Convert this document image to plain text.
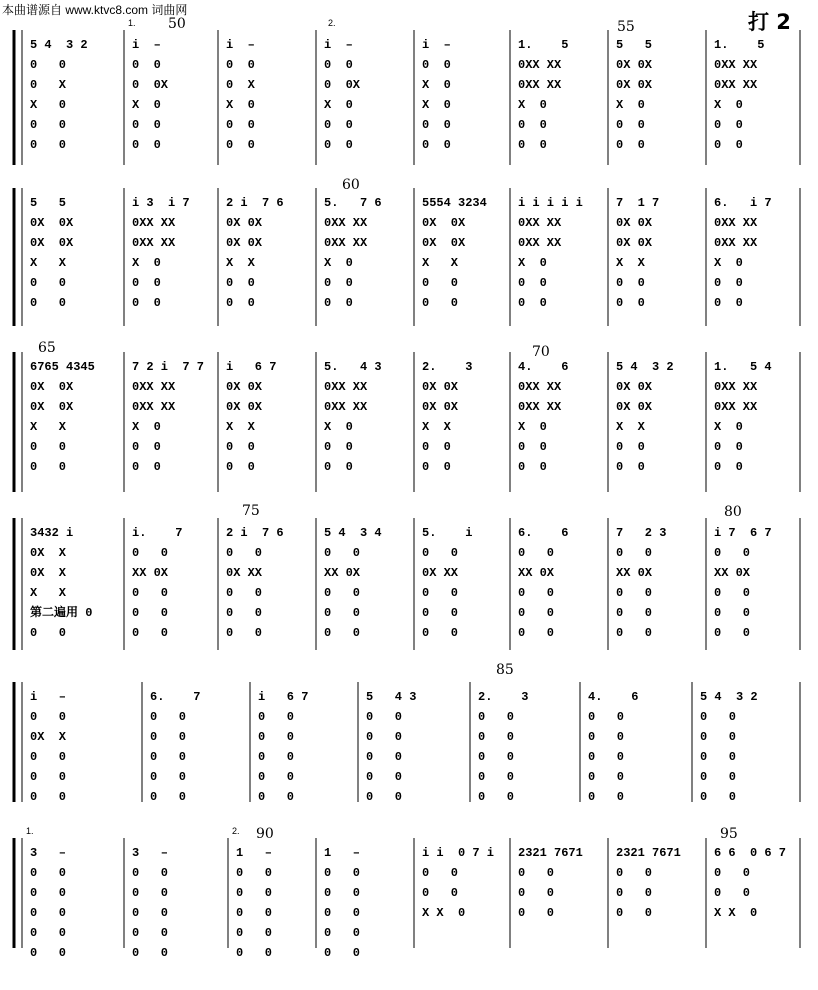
本曲谱源自 www.ktvc8.com 词曲网	打 2
5 4  3 2	i  –	i  –	i  –	i  –	1.    5	5   5	1.    5
0   0	0  0	0  0	0  0	0  0	0XX XX	0X 0X	0XX XX
0   X	0  0X	0  X	0  0X	X  0	0XX XX	0X 0X	0XX XX
X   0	X  0	X  0	X  0	X  0	X  0	X  0	X  0
0   0	0  0	0  0	0  0	0  0	0  0	0  0	0  0
0   0	0  0	0  0	0  0	0  0	0  0	0  0	0  0
5   5	i 3  i 7	2 i  7 6	5.   7 6	5554 3234	i i i i i	7  1 7	6.   i 7
0X  0X	0XX XX	0X 0X	0XX XX	0X  0X	0XX XX	0X 0X	0XX XX
0X  0X	0XX XX	0X 0X	0XX XX	0X  0X	0XX XX	0X 0X	0XX XX
X   X	X  0	X  X	X  0	X   X	X  0	X  X	X  0
0   0	0  0	0  0	0  0	0   0	0  0	0  0	0  0
0   0	0  0	0  0	0  0	0   0	0  0	0  0	0  0
6765 4345	7 2 i  7 7 i   6 7	5.   4 3	2.    3	4.    6	5 4  3 2	1.   5 4
0X  0X	0XX XX	0X 0X	0XX XX	0X 0X	0XX XX	0X 0X	0XX XX
0X  0X	0XX XX	0X 0X	0XX XX	0X 0X	0XX XX	0X 0X	0XX XX
X   X	X  0	X  X	X  0	X  X	X  0	X  X	X  0
0   0	0  0	0  0	0  0	0  0	0  0	0  0	0  0
0   0	0  0	0  0	0  0	0  0	0  0	0  0	0  0
3432 i	i.    7	2 i  7 6	5 4  3 4	5.    i	6.    6	7   2 3	i 7  6 7
0X  X	0   0	0   0	0   0	0   0	0   0	0   0	0   0
0X  X	XX 0X	0X XX	XX 0X	0X XX	XX 0X	XX 0X	XX 0X
X   X	0   0	0   0	0   0	0   0	0   0	0   0	0   0
第二遍用 0	0   0	0   0	0   0	0   0	0   0	0   0	0   0
0   0	0   0	0   0	0   0	0   0	0   0	0   0	0   0
i   –	6.    7	i   6 7	5   4 3	2.    3	4.    6	5 4  3 2
0   0	0   0	0   0	0   0	0   0	0   0	0   0
0X  X	0   0	0   0	0   0	0   0	0   0	0   0
0   0	0   0	0   0	0   0	0   0	0   0	0   0
0   0	0   0	0   0	0   0	0   0	0   0	0   0
0   0	0   0	0   0	0   0	0   0	0   0	0   0
3   –	3   –	1   –	1   –	i i  0 7 i 2321 7671	2321 7671	6 6  0 6 7
0   0	0   0	0   0	0   0	0   0	0   0	0   0	0   0
0   0	0   0	0   0	0   0	0   0	0   0	0   0	0   0
0   0	0   0	0   0	0   0	X X  0	0   0	0   0	X X  0
0   0	0   0	0   0	0   0
0   0	0   0	0   0	0   0
50	55
60
65	70
75	80
85
90	95
1.	2.
1.	2.
